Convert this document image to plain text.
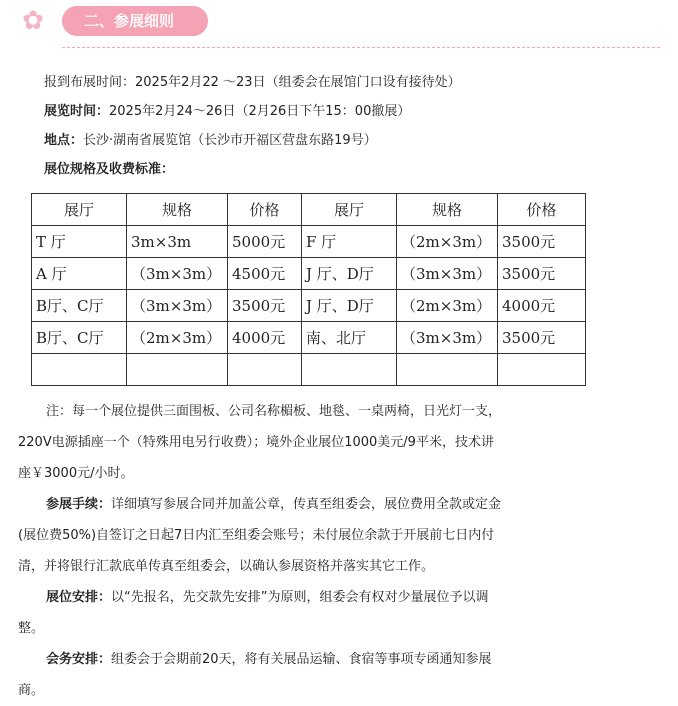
✿	二、参展细则
报到布展时间：2025年2月22 ～23日（组委会在展馆门口设有接待处）
展览时间：2025年2月24～26日（2月26日下午15：00撤展）
地点：长沙·湖南省展览馆（长沙市开福区营盘东路19号）
展位规格及收费标准：
展厅	规格	价格	展厅	规格	价格
T 厅	3m×3m	5000元	F 厅	（2m×3m）	3500元
A 厅	（3m×3m）	4500元	J 厅、D厅	（3m×3m）	3500元
B厅、C厅	（3m×3m）	3500元	J 厅、D厅	（2m×3m）	4000元
B厅、C厅	（2m×3m）	4000元	南、北厅	（3m×3m）	3500元

注：每一个展位提供三面围板、公司名称楣板、地毯、一桌两椅，日光灯一支，
220V电源插座一个（特殊用电另行收费）；境外企业展位1000美元/9平米，技术讲
座￥3000元/小时。
参展手续：详细填写参展合同并加盖公章，传真至组委会，展位费用全款或定金
(展位费50%)自签订之日起7日内汇至组委会账号；未付展位余款于开展前七日内付
清，并将银行汇款底单传真至组委会，以确认参展资格并落实其它工作。
展位安排：以“先报名，先交款先安排”为原则，组委会有权对少量展位予以调
整。
会务安排：组委会于会期前20天，将有关展品运输、食宿等事项专函通知参展
商。
